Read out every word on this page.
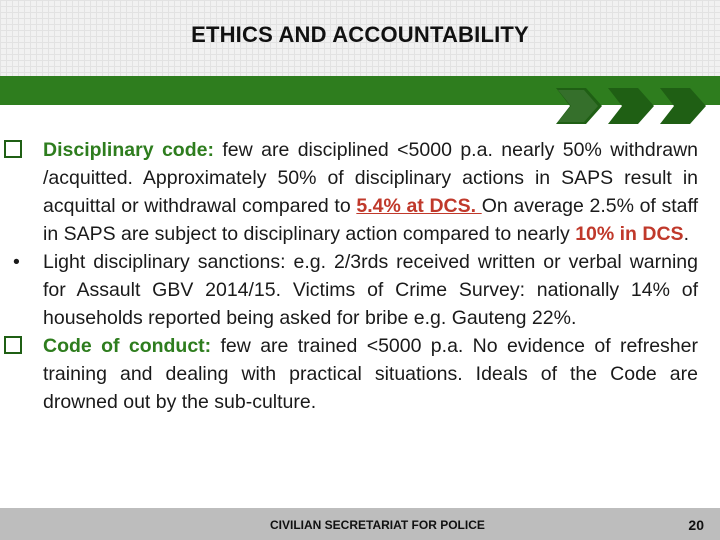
ETHICS AND ACCOUNTABILITY
Disciplinary code: few are disciplined <5000 p.a. nearly 50% withdrawn /acquitted. Approximately 50% of disciplinary actions in SAPS result in acquittal or withdrawal compared to 5.4% at DCS. On average 2.5% of staff in SAPS are subject to disciplinary action compared to nearly 10% in DCS.
• Light disciplinary sanctions: e.g. 2/3rds received written or verbal warning for Assault GBV 2014/15. Victims of Crime Survey: nationally 14% of households reported being asked for bribe e.g. Gauteng 22%.
Code of conduct: few are trained <5000 p.a. No evidence of refresher training and dealing with practical situations. Ideals of the Code are drowned out by the sub-culture.
CIVILIAN SECRETARIAT FOR POLICE	20
